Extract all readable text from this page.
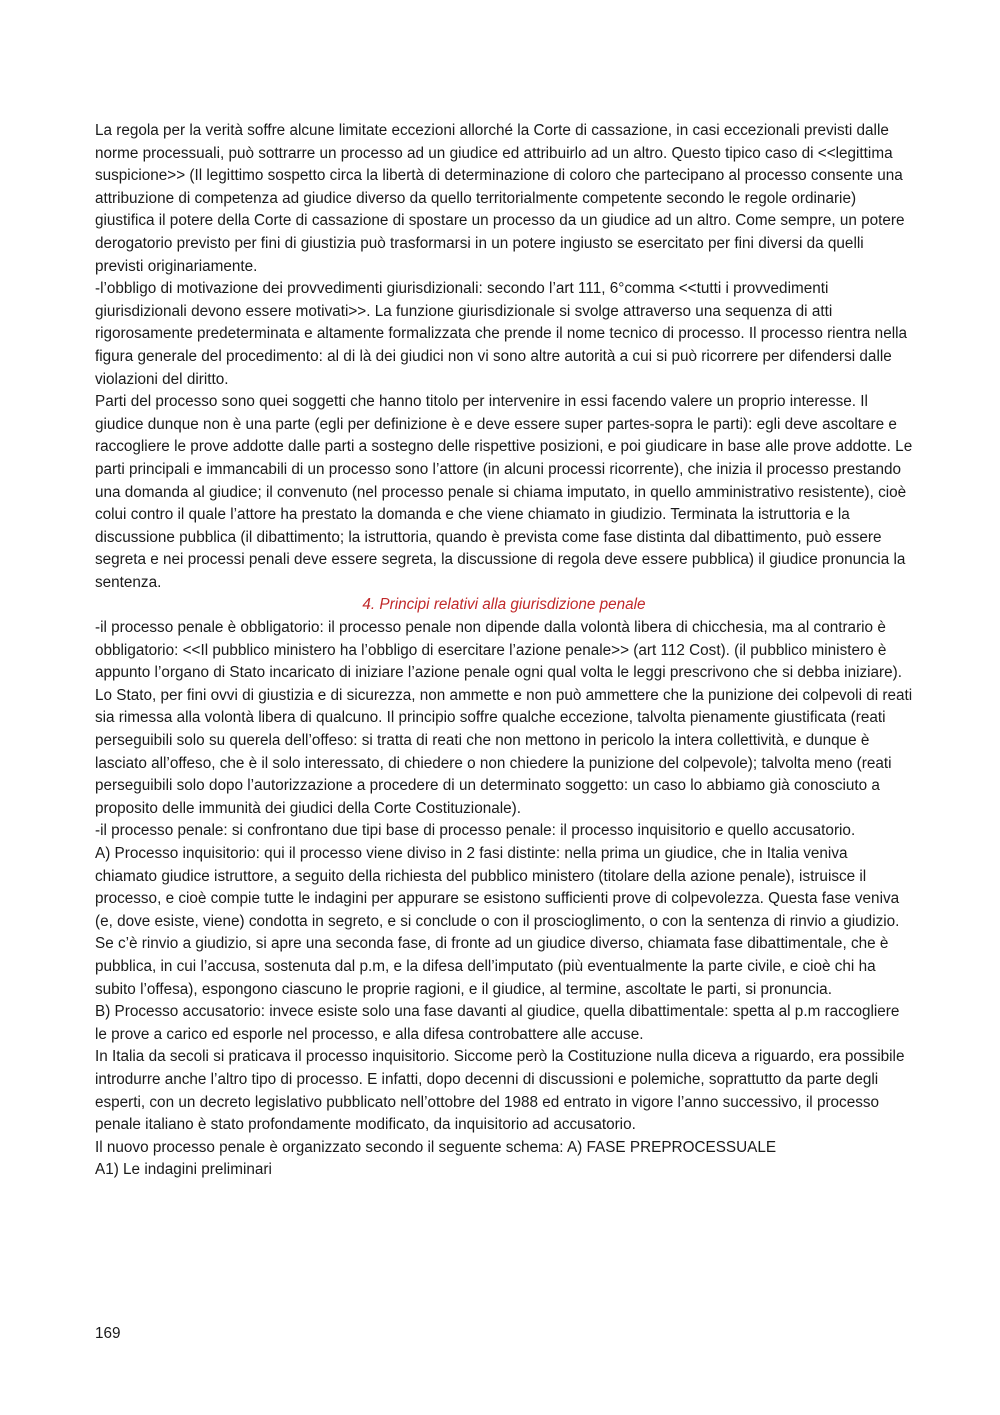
La regola per la verità soffre alcune limitate eccezioni allorché la Corte di cassazione, in casi eccezionali previsti dalle norme processuali, può sottrarre un processo ad un giudice ed attribuirlo ad un altro. Questo tipico caso di <<legittima suspicione>> (Il legittimo sospetto circa la libertà di determinazione di coloro che partecipano al processo consente una attribuzione di competenza ad giudice diverso da quello territorialmente competente secondo le regole ordinarie) giustifica il potere della Corte di cassazione di spostare un processo da un giudice ad un altro. Come sempre, un potere derogatorio previsto per fini di giustizia può trasformarsi in un potere ingiusto se esercitato per fini diversi da quelli previsti originariamente.

-l’obbligo di motivazione dei provvedimenti giurisdizionali: secondo l’art 111, 6°comma <<tutti i provvedimenti giurisdizionali devono essere motivati>>. La funzione giurisdizionale si svolge attraverso una sequenza di atti rigorosamente predeterminata e altamente formalizzata che prende il nome tecnico di processo. Il processo rientra nella figura generale del procedimento: al di là dei giudici non vi sono altre autorità a cui si può ricorrere per difendersi dalle violazioni del diritto.

Parti del processo sono quei soggetti che hanno titolo per intervenire in essi facendo valere un proprio interesse. Il giudice dunque non è una parte (egli per definizione è e deve essere super partes-sopra le parti): egli deve ascoltare e raccogliere le prove addotte dalle parti a sostegno delle rispettive posizioni, e poi giudicare in base alle prove addotte. Le parti principali e immancabili di un processo sono l’attore (in alcuni processi ricorrente), che inizia il processo prestando una domanda al giudice; il convenuto (nel processo penale si chiama imputato, in quello amministrativo resistente), cioè colui contro il quale l’attore ha prestato la domanda e che viene chiamato in giudizio. Terminata la istruttoria e la discussione pubblica (il dibattimento; la istruttoria, quando è prevista come fase distinta dal dibattimento, può essere segreta e nei processi penali deve essere segreta, la discussione di regola deve essere pubblica) il giudice pronuncia la sentenza.

4. Principi relativi alla giurisdizione penale

-il processo penale è obbligatorio: il processo penale non dipende dalla volontà libera di chicchesia, ma al contrario è obbligatorio: <<Il pubblico ministero ha l’obbligo di esercitare l’azione penale>> (art 112 Cost). (il pubblico ministero è appunto l’organo di Stato incaricato di iniziare l’azione penale ogni qual volta le leggi prescrivono che si debba iniziare). Lo Stato, per fini ovvi di giustizia e di sicurezza, non ammette e non può ammettere che la punizione dei colpevoli di reati sia rimessa alla volontà libera di qualcuno. Il principio soffre qualche eccezione, talvolta pienamente giustificata (reati perseguibili solo su querela dell’offeso: si tratta di reati che non mettono in pericolo la intera collettività, e dunque è lasciato all’offeso, che è il solo interessato, di chiedere o non chiedere la punizione del colpevole); talvolta meno (reati perseguibili solo dopo l’autorizzazione a procedere di un determinato soggetto: un caso lo abbiamo già conosciuto a proposito delle immunità dei giudici della Corte Costituzionale).

-il processo penale: si confrontano due tipi base di processo penale: il processo inquisitorio e quello accusatorio.

A) Processo inquisitorio: qui il processo viene diviso in 2 fasi distinte: nella prima un giudice, che in Italia veniva chiamato giudice istruttore, a seguito della richiesta del pubblico ministero (titolare della azione penale), istruisce il processo, e cioè compie tutte le indagini per appurare se esistono sufficienti prove di colpevolezza. Questa fase veniva (e, dove esiste, viene) condotta in segreto, e si conclude o con il proscioglimento, o con la sentenza di rinvio a giudizio. Se c’è rinvio a giudizio, si apre una seconda fase, di fronte ad un giudice diverso, chiamata fase dibattimentale, che è pubblica, in cui l’accusa, sostenuta dal p.m, e la difesa dell’imputato (più eventualmente la parte civile, e cioè chi ha subito l’offesa), espongono ciascuno le proprie ragioni, e il giudice, al termine, ascoltate le parti, si pronuncia.

B) Processo accusatorio: invece esiste solo una fase davanti al giudice, quella dibattimentale: spetta al p.m raccogliere le prove a carico ed esporle nel processo, e alla difesa controbattere alle accuse.

In Italia da secoli si praticava il processo inquisitorio. Siccome però la Costituzione nulla diceva a riguardo, era possibile introdurre anche l’altro tipo di processo. E infatti, dopo decenni di discussioni e polemiche, soprattutto da parte degli esperti, con un decreto legislativo pubblicato nell’ottobre del 1988 ed entrato in vigore l’anno successivo, il processo penale italiano è stato profondamente modificato, da inquisitorio ad accusatorio.

Il nuovo processo penale è organizzato secondo il seguente schema: A) FASE PREPROCESSUALE

A1) Le indagini preliminari

169
